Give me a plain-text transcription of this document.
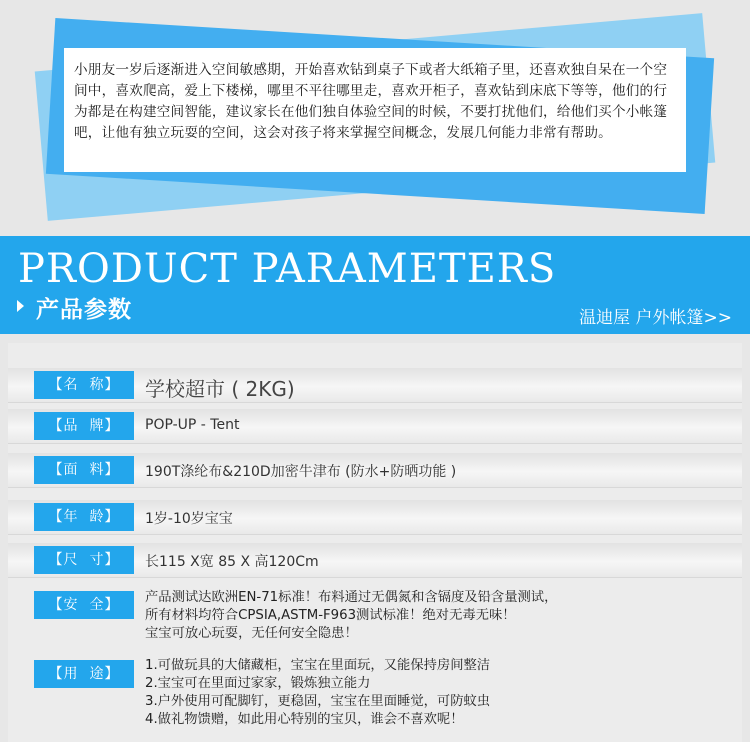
小朋友一岁后逐渐进入空间敏感期，开始喜欢钻到桌子下或者大纸箱子里，还喜欢独自呆在一个空间中，喜欢爬高，爱上下楼梯，哪里不平往哪里走，喜欢开柜子，喜欢钻到床底下等等，他们的行为都是在构建空间智能，建议家长在他们独自体验空间的时候，不要打扰他们，给他们买个小帐篷吧，让他有独立玩耍的空间，这会对孩子将来掌握空间概念，发展几何能力非常有帮助。
PRODUCT PARAMETERS
产品参数	温迪屋 户外帐篷>>
【名  称】	学校超市 ( 2KG)
【品  牌】	POP-UP - Tent
【面  料】	190T涤纶布&210D加密牛津布 (防水+防晒功能 )
【年  龄】	1岁-10岁宝宝
【尺  寸】	长115 X宽 85 X 高120Cm
【安  全】	产品测试达欧洲EN-71标准！布料通过无偶氮和含镉度及铅含量测试，
所有材料均符合CPSIA,ASTM-F963测试标准！绝对无毒无味！
宝宝可放心玩耍，无任何安全隐患！
【用  途】
1.可做玩具的大储藏柜，宝宝在里面玩，又能保持房间整洁
2.宝宝可在里面过家家，锻炼独立能力
3.户外使用可配脚钉，更稳固，宝宝在里面睡觉，可防蚊虫
4.做礼物馈赠，如此用心特别的宝贝，谁会不喜欢呢！
